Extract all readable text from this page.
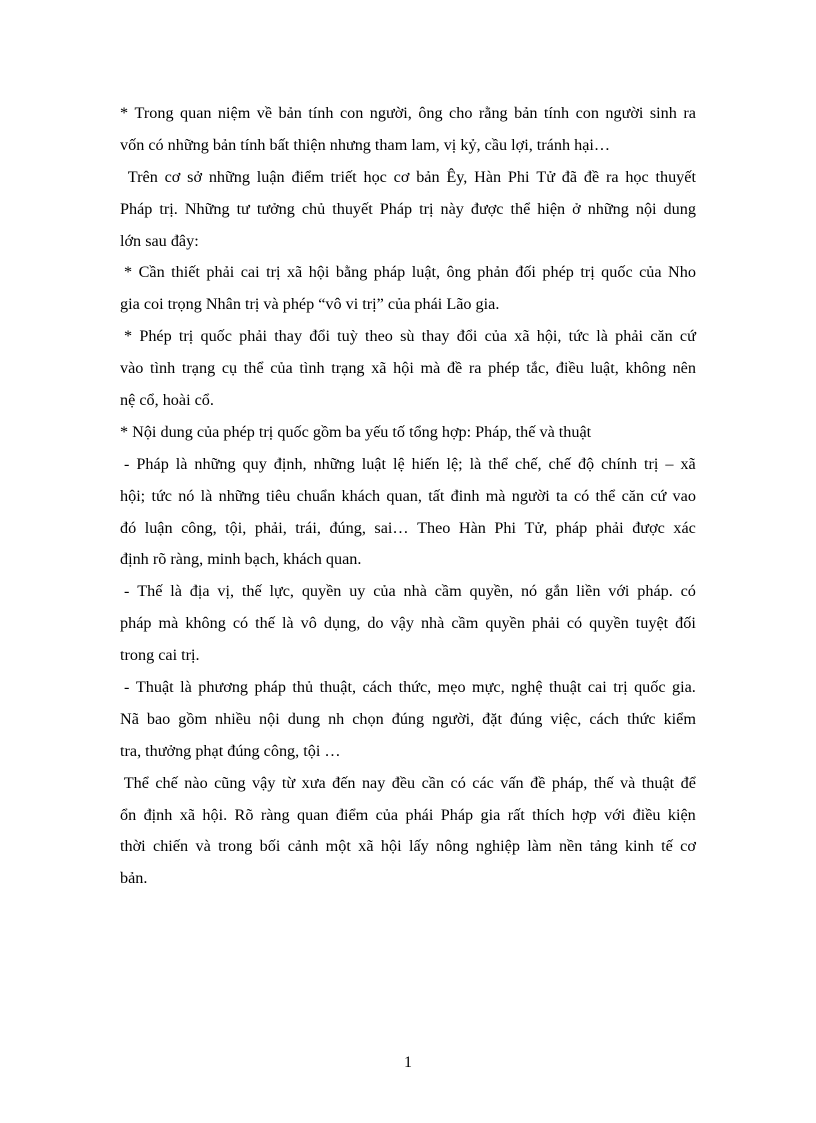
* Trong quan niệm về bản tính con người, ông cho rằng bản tính con người sinh ra
vốn có những bản tính bất thiện nhưng tham lam, vị kỷ, cầu lợi, tránh hại…
Trên cơ sở những luận điểm triết học cơ bản Êy, Hàn Phi Tử đã đề ra học thuyết
Pháp trị. Những tư tưởng chủ thuyết Pháp trị này được thể hiện ở những nội dung
lớn sau đây:
* Cần thiết phải cai trị xã hội bằng pháp luật, ông phản đối phép trị quốc của Nho
gia coi trọng Nhân trị và phép “vô vi trị” của phái Lão gia.
* Phép trị quốc phải thay đổi tuỳ theo sù thay đổi của xã hội, tức là phải căn cứ
vào tình trạng cụ thể của tình trạng xã hội mà đề ra phép tắc, điều luật, không nên
nệ cổ, hoài cổ.
* Nội dung của phép trị quốc gồm ba yếu tố tổng hợp: Pháp, thế và thuật
- Pháp là những quy định, những luật lệ hiến lệ; là thể chế, chế độ chính trị – xã
hội; tức nó là những tiêu chuẩn khách quan, tất đinh mà người ta có thể căn cứ vao
đó luận công, tội, phải, trái, đúng, sai… Theo Hàn Phi Tử, pháp phải được xác
định rõ ràng, minh bạch, khách quan.
- Thế là địa vị, thế lực, quyền uy của nhà cầm quyền, nó gắn liền với pháp. có
pháp mà không có thế là vô dụng, do vậy nhà cầm quyền phải có quyền tuyệt đối
trong cai trị.
- Thuật là phương pháp thủ thuật, cách thức, mẹo mực, nghệ thuật cai trị quốc gia.
Nã bao gồm nhiều nội dung nh chọn đúng người, đặt đúng việc, cách thức kiểm
tra, thưởng phạt đúng công, tội …
Thể chế nào cũng vậy từ xưa đến nay đều cần có các vấn đề pháp, thế và thuật để
ổn định xã hội. Rõ ràng quan điểm của phái Pháp gia rất thích hợp với điều kiện
thời chiến và trong bối cảnh một xã hội lấy nông nghiệp làm nền tảng kinh tế cơ
bản.
1
